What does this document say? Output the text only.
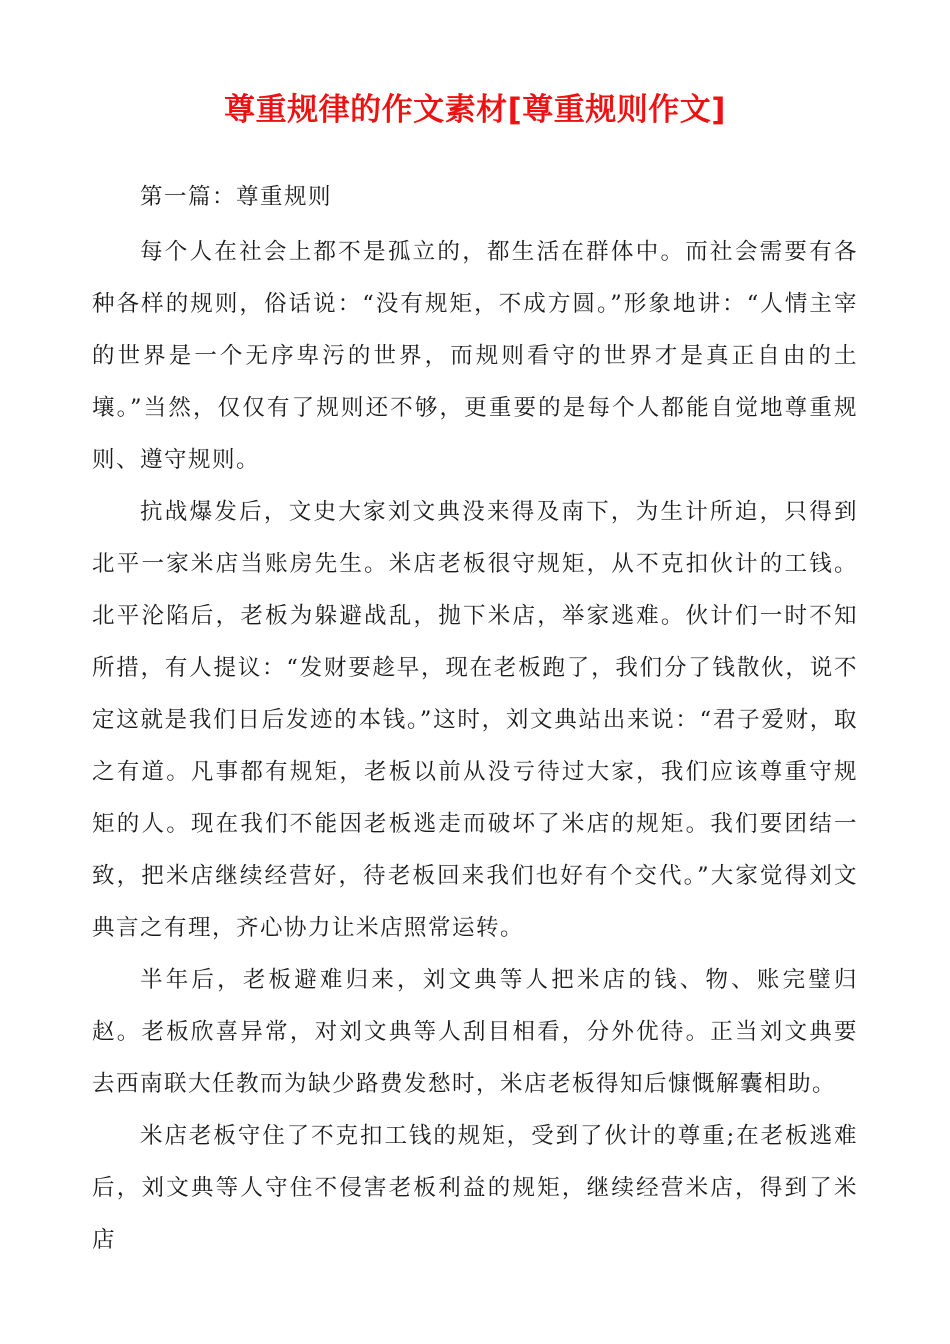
尊重规律的作文素材[尊重规则作文]

第一篇：尊重规则

每个人在社会上都不是孤立的，都生活在群体中。而社会需要有各种各样的规则，俗话说：“没有规矩，不成方圆。”形象地讲：“人情主宰的世界是一个无序卑污的世界，而规则看守的世界才是真正自由的土壤。”当然，仅仅有了规则还不够，更重要的是每个人都能自觉地尊重规则、遵守规则。

抗战爆发后，文史大家刘文典没来得及南下，为生计所迫，只得到北平一家米店当账房先生。米店老板很守规矩，从不克扣伙计的工钱。北平沦陷后，老板为躲避战乱，抛下米店，举家逃难。伙计们一时不知所措，有人提议：“发财要趁早，现在老板跑了，我们分了钱散伙，说不定这就是我们日后发迹的本钱。”这时，刘文典站出来说：“君子爱财，取之有道。凡事都有规矩，老板以前从没亏待过大家，我们应该尊重守规矩的人。现在我们不能因老板逃走而破坏了米店的规矩。我们要团结一致，把米店继续经营好，待老板回来我们也好有个交代。”大家觉得刘文典言之有理，齐心协力让米店照常运转。

半年后，老板避难归来，刘文典等人把米店的钱、物、账完璧归赵。老板欣喜异常，对刘文典等人刮目相看，分外优待。正当刘文典要去西南联大任教而为缺少路费发愁时，米店老板得知后慷慨解囊相助。

米店老板守住了不克扣工钱的规矩，受到了伙计的尊重;在老板逃难后，刘文典等人守住不侵害老板利益的规矩，继续经营米店，得到了米店
